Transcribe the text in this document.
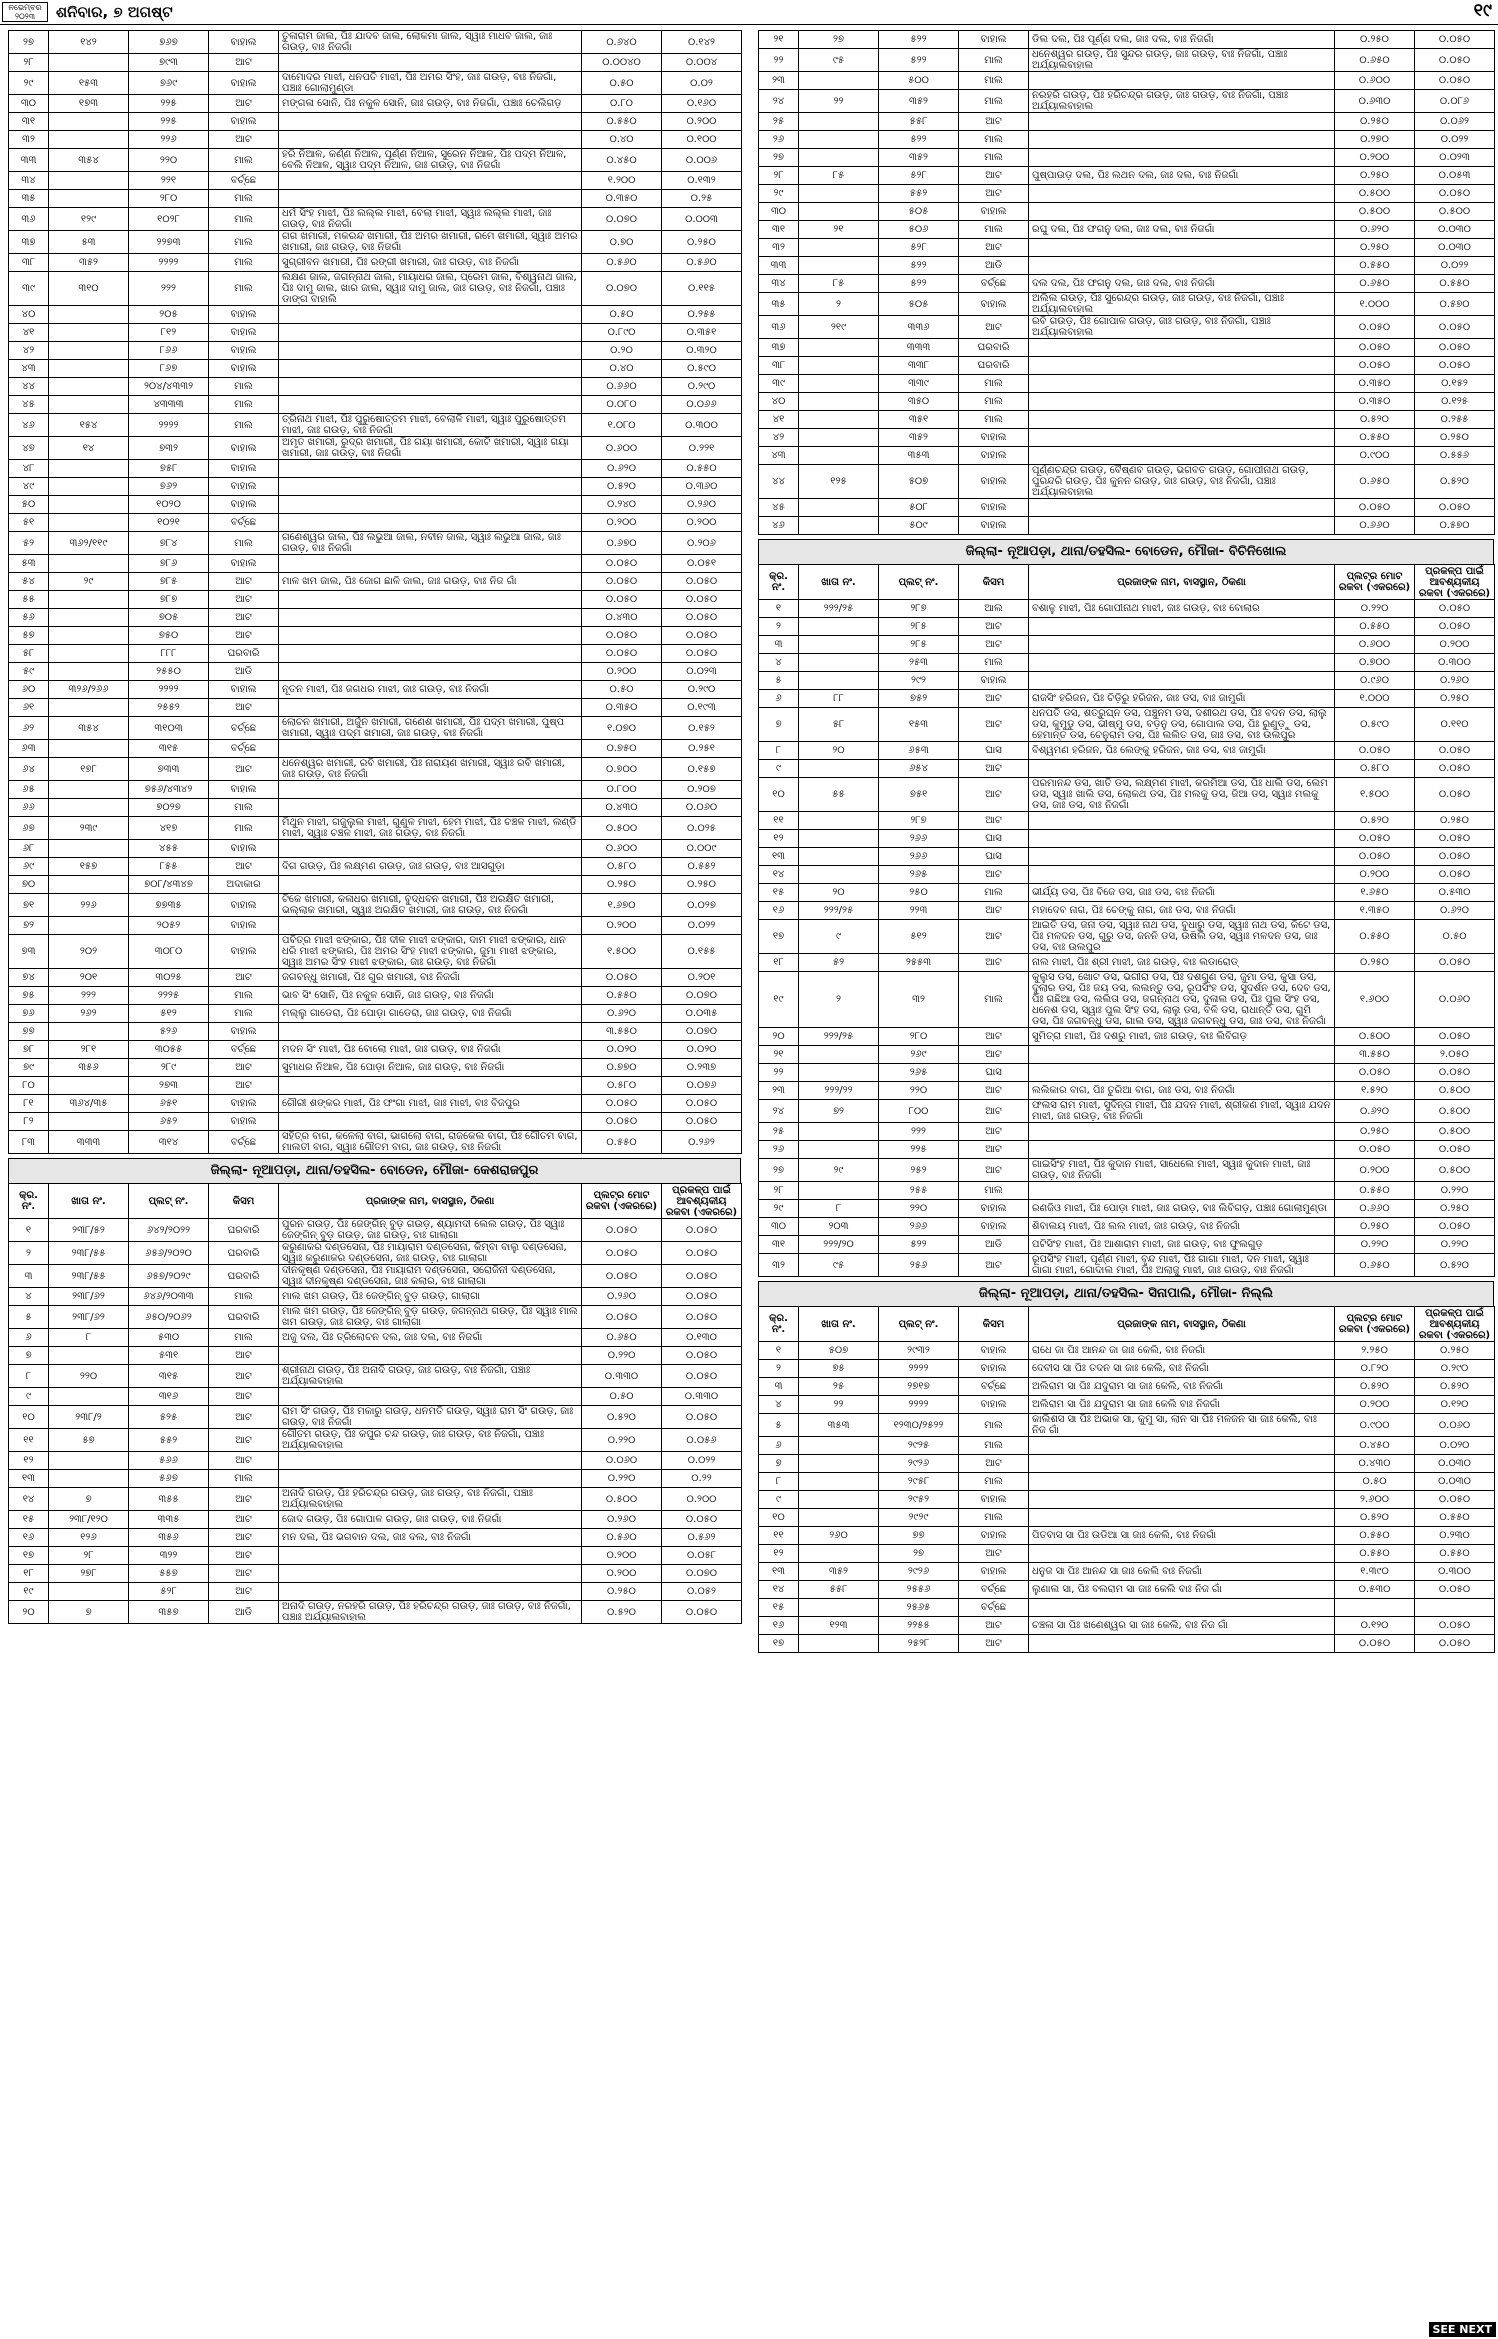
ନଭେମ୍ବର ୨୦୨୩	ଶନିବାର, ୭ ଅଗଷ୍ଟ	୧୯
୨୭	୧୪୨	୭୬୭	ବାହାଲ	ତୁଳାରାମ ଜାଲ, ପିଃ ଯାଦବ ଜାଲ, ଲୋକମା ଜାଲ, ସ୍ୱାଃ ମାଧବ ଜାଲ, ଜାଃ ଗଉଡ଼, ବାଃ ନିଜଗାଁ	୦.୬୪୦	୦.୧୪୨
୨୮		୭୯୩	ଆଟ		୦.୦୦୪୦	୦.୦୦୪
୨୯	୧୫୩	୭୬୯	ବାହାଲ	ଦାମୋଦର ମାଝୀ, ଧନପତି ମାଝୀ, ପିଃ ଅମର ସିଂହ, ଜାଃ ଗଉଡ଼, ବାଃ ନିଜଗାଁ, ପଞ୍ଚାଃ ଗୋଲାମୁଣ୍ଡା	୦.୫୦	୦.୦୨
୩୦	୧୭୩	୨୨୫	ଆଟ	ମଙ୍ଗଳା ସୋନି, ପିଃ ନକୁଳ ସୋନି, ଜାଃ ଗଉଡ଼, ବାଃ ନିଜଗାଁ, ପଞ୍ଚାଃ ଚେଲିଗଡ଼	୦.୮୦	୦.୧୬୦
୩୧		୨୨୫	ବାହାଲ		୦.୫୫୦	୦.୨୦୦
୩୨		୨୨୬	ଆଟ		୦.୪୦	୦.୧୦୦
୩୩	୩୫୪	୨୨୦	ମାଲ	ହରି ନିଆଳ, କର୍ଣ୍ଣ ନିଆଳ, ପୂର୍ଣ୍ଣ ନିଆଳ, ସୁରେନ ନିଆଳ, ପିଃ ପଦ୍ମ ନିଆଳ, ବେଲି ନିଆଳ, ସ୍ୱାଃ ପଦ୍ମ ନିଆଳ, ଜାଃ ଗଉଡ଼, ବାଃ ନିଜଗାଁ	୦.୪୫୦	୦.୦୦୬
୩୪		୨୨୧	ବର୍ଚ୍ଛେ		୧.୨୦୦	୦.୧୩୨
୩୫		୨୮୦	ମାଲ		୦.୩୫୦	୦.୨୫
୩୬	୧୨୯	୧୦୨୮	ମାଲ	ଧର୍ମ ସିଂହ ମାଝୀ, ପିଃ ଲଲ୍ଲ ମାଝୀ, ବେଲା ମାଝୀ, ସ୍ୱାଃ ଲଲ୍ଲ ମାଝୀ, ଜାଃ ଗଉଡ଼, ବାଃ ନିଜଗାଁ	୦.୦୭୦	୦.୦୦୩
୩୭	୫୩	୨୨୭୩	ମାଲ	ଗଗ ଖମାରୀ, ମକରନ୍ଦ ଖମାରୀ, ପିଃ ଅମର ଖମାରୀ, ରମେ ଖମାରୀ, ସ୍ୱାଃ ଅମର ଖମାରୀ, ଜାଃ ଗଉଡ଼, ବାଃ ନିଜଗାଁ	୦.୭୦	୦.୨୫୦
୩୮	୩୫୨	୨୨୨୨	ମାଲ	ସୁଗ୍ରୀବନ ଖମାରୀ, ପିଃ ରଙ୍ଗୀ ଖମାରୀ, ଜାଃ ଗଉଡ଼, ବାଃ ନିଜଗାଁ	୦.୫୬୦	୦.୫୬୦
୩୯	୩୧୦	୨୨୨	ମାଲ	ଲକ୍ଷଣ ଜାଲ, ଜଗନ୍ନାଥ ଜାଲ, ମାୟାଧର ଜାଲ, ପ୍ରେମ ଜାଲ, ବିଶ୍ୱନାଥ ଜାଲ, ପିଃ ଦାମୁ ଜାଲ, ଖାର ଜାଲ, ସ୍ୱାଃ ଦାମୁ ଜାଲ, ଜାଃ ଗଉଡ଼, ବାଃ ନିଜଗାଁ, ପଞ୍ଚାଃ ଡାଙ୍ଗ ବାହାଲି	୦.୦୭୦	୦.୧୧୫
୪୦		୨୦୫	ବାହାଲ		୦.୫୦	୦.୨୫୫
୪୧		୮୧୨	ବାହାଲ		୦.୮୯୦	୦.୩୫୧
୪୨		୮୬୬	ବାହାଲ		୦.୨୦	୦.୩୨୦
୪୩		୮୬୭	ବାହାଲ		୦.୪୦	୦.୫୯୦
୪୪		୨୦୪/୪୩୩୨	ମାଲ		୦.୬୬୦	୦.୨୯୦
୪୫		୪୩୩୩	ମାଲ		୦.୦୮୦	୦.୦୬୬
୪୬	୧୫୪	୨୨୨୨	ମାଲ	ତ୍ରିନାଥ ମାଝୀ, ପିଃ ପୁରୁଷୋତ୍ତମ ମାଝୀ, ବେଲାଳି ମାଝୀ, ସ୍ୱାଃ ପୁରୁଷୋତ୍ତମ ମାଝୀ, ଜାଃ ଗଉଡ଼, ବାଃ ନିଜଗାଁ	୧.୦୮୦	୦.୩୦୦
୪୭	୧୪	୭୩୨	ବାହାଲ	ଅମୃତ ଖମାରୀ, ରୁଦ୍ର ଖମାରୀ, ପିଃ ଗୟା ଖମାରୀ, କୋଟି ଖମାରୀ, ସ୍ୱାଃ ଗୟା ଖମାରୀ, ଜାଃ ଗଉଡ଼, ବାଃ ନିଜଗାଁ	୦.୬୦୦	୦.୨୨୧
୪୮		୭୫୮	ବାହାଲ		୦.୬୨୦	୦.୫୫୦
୪୯		୭୬୨	ବାହାଲ		୦.୫୨୦	୦.୩୬୦
୫୦		୧୦୨୦	ବାହାଲ		୦.୨୪୦	୦.୨୬୦
୫୧		୧୦୨୧	ବର୍ଚ୍ଛେ		୦.୨୦୦	୦.୨୦୦
୫୨	୩୬୨/୧୧୯	୭୮୪	ମାଲ	ଗଣେଶ୍ୱର ଜାଲ, ପିଃ ଲଭୁଆ ଜାଲ, ନବୀନ ଜାଲ, ସ୍ୱାଃ ଲଭୁଆ ଜାଲ, ଜାଃ ଗଉଡ଼, ବାଃ ନିଜଗାଁ	୦.୬୭୦	୦.୨୦୬
୫୩		୭୮୬	ବାହାଲ		୦.୦୫୦	୦.୦୫୧
୫୪	୨୯	୭୮୫	ଆଟ	ମାଳ ଖମ ଜାଲ, ପିଃ ଜୋଗ ଛାଳି ଜାଲ, ଜାଃ ଗଉଡ଼, ବାଃ ନିଜ ଗାଁ	୦.୦୫୦	୦.୦୫୦
୫୫		୭୮୭	ଆଟ		୦.୦୫୦	୦.୦୫୦
୫୬		୭୦୫	ଆଟ		୦.୪୩୦	୦.୦୫୦
୫୭		୭୫୦	ଆଟ		୦.୦୫୦	୦.୦୫୦
୫୮		୮୮୮	ଘରବାରି		୦.୦୫୦	୦.୦୫୦
୫୯		୨୫୫୦	ଆଡି		୦.୨୦୦	୦.୦୨୩
୬୦	୩୨୬/୨୬୬	୨୨୨୨	ବାହାଲ	ନୂତନ ମାଝୀ, ପିଃ ଜଗଧର ମାଝୀ, ଜାଃ ଗଉଡ଼, ବାଃ ନିଜଗାଁ	୦.୫୦	୦.୨୯୦
୬୧		୨୫୫୨	ଆଟ		୦.୩୫୦	୦.୧୯୩
୬୨	୩୫୪	୩୧୦୩	ବର୍ଚ୍ଛେ	ଲୋଚନ ଖମାରୀ, ଅର୍ଜୁନ ଖମାରୀ, ଗଣେଶ ଖମାରୀ, ପିଃ ପଦ୍ମ ଖମାରୀ, ପୁଷ୍ପ ଖମାରୀ, ସ୍ୱାଃ ପଦ୍ମ ଖମାରୀ, ଜାଃ ଗଉଡ଼, ବାଃ ନିଜଗାଁ	୧.୦୭୦	୦.୧୫୨
୬୩		୩୧୫	ବର୍ଚ୍ଛେ		୦.୭୫୦	୦.୨୫୧
୬୪	୧୭୮	୭୩୩	ଆଟ	ଧନେଶ୍ୱର ଖମାରୀ, ରବି ଖମାରୀ, ପିଃ ନାରାୟଣ ଖମାରୀ, ସ୍ୱାଃ ରବି ଖମାରୀ, ଜାଃ ଗଉଡ଼, ବାଃ ନିଜଗାଁ	୦.୭୦୦	୦.୧୫୭
୬୫		୭୫୬/୪୩୪୨	ବାହାଲ		୦.୮୦୦	୦.୨୦୭
୬୬		୭୦୨୭	ମାଲ		୦.୪୩୦	୦.୦୬୦
୬୭	୨୩୯	୪୧୭	ମାଲ	ମିଥୁନ ମାଝୀ, ଗଜୁଲୁଲ ମାଝୀ, ଗୁଣୁଳ ମାଝୀ, ହେମ ମାଝୀ, ପିଃ ଚଞ୍ଚଳ ମାଝୀ, ଲଣ୍ଡି ମାଝୀ, ସ୍ୱାଃ ଚଞ୍ଚଳ ମାଝୀ, ଜାଃ ଗଉଡ଼, ବାଃ ନିଜଗାଁ	୦.୫୦୦	୦.୦୨୫
୬୮		୪୫୫	ବାହାଲ		୦.୬୦୦	୦.୦୦୯
୬୯	୧୫୭	୮୫୫	ଆଟ	ଦିଗ ଗଉଡ଼, ପିଃ ଲକ୍ଷ୍ମଣ ଗଉଡ଼, ଜାଃ ଗଉଡ଼, ବାଃ ଆସଗୁଡ଼ା	୦.୫୮୦	୦.୫୫୨
୭୦		୭୦୮/୪୩୪୭	ଅଦାକାର		୦.୨୫୦	୦.୨୫୦
୭୧	୨୨୬	୭୭୩୫	ବାହାଲ	ଟିକେ ଖମାରୀ, କଳାଧର ଖମାରୀ, ବୁଦ୍ଧବନ ଖମାରୀ, ପିଃ ଅରକ୍ଷିତ ଖମାରୀ, ଭଲ୍ଲାକ ଖମାରୀ, ସ୍ୱାଃ ଅରକ୍ଷିତ ଖମାରୀ, ଜାଃ ଗଉଡ଼, ବାଃ ନିଜଗାଁ	୧.୬୭୦	୦.୦୨୭
୭୨		୨୦୫୨	ବାହାଲ		୦.୨୦୦	୦.୦୨୨
୭୩	୨୦୨	୩୦୮୦	ବାହାଲ	ପବିତ୍ର ମାଝୀ ଝଙ୍କାର, ପିଃ ଦୀଳ ମାଝୀ ଝଙ୍କାର, ଦାମ ମାଝୀ ଝଙ୍କାର, ଧାନ ଧରି ମାଝୀ ଝଙ୍କାର, ପିଃ ଅମର ସିଂହ ମାଝୀ ଝଙ୍କାର, ଜୁମା ମାଝୀ ଝଙ୍କାର, ସ୍ୱାଃ ଅମର ସିଂହ ମାଝୀ ଝଙ୍କାର, ଜାଃ ଗଉଡ଼, ବାଃ ନିଜଗାଁ	୧.୫୦୦	୦.୧୫୫
୭୪	୨୦୧	୩୦୨୫	ଆଟ	ଜଗବନ୍ଧୁ ଖମାରୀ, ପିଃ ଗୁର ଖମାରୀ, ବାଃ ନିଜଗାଁ	୦.୦୫୦	୦.୨୦୧
୭୫	୨୨୨	୨୨୨୫	ମାଲ	ଭାବ ସିଂ ସୋନି, ପିଃ ନକୁଳ ସୋନି, ଜାଃ ଗଉଡ଼, ବାଃ ନିଜଗାଁ	୦.୫୫୦	୦.୦୭୦
୭୬	୨୬୨	୫୧୨	ମାଲ	ମଲ୍ଲୁ ଗାଡେରା, ପିଃ ପୋଡ଼ା ଗାଡେରା, ଜାଃ ଗଉଡ଼, ବାଃ ନିଜଗାଁ	୦.୬୨୦	୦.୦୩୫
୭୭		୫୨୬	ବାହାଲ		୩.୫୫୦	୦.୦୭୦
୭୮	୨୮୧	୩୦୫୫	ବର୍ଚ୍ଛେ	ମଦନ ସିଂ ମାଝୀ, ପିଃ ବୋଲୋ ମାଝୀ, ଜାଃ ଗଉଡ଼, ବାଃ ନିଜଗାଁ	୦.୦୨୦	୦.୦୨୦
୭୯	୩୫୬	୨୮୯	ଆଟ	ସୁମାଧର ନିଆଳ, ପିଃ ପୋଡ଼ା ନିଆଳ, ଜାଃ ଗଉଡ଼, ବାଃ ନିଜଗାଁ	୦.୭୭୦	୦.୨୩୭
୮୦		୨୭୩	ଆଟ		୦.୫୮୦	୦.୦୭୬
୮୧	୩୬୪/୩୫	୬୫୧	ବାହାଲ	ଗୌରୀ ଶଙ୍କର ମାଝୀ, ପିଃ ଫଂଗା ମାଝୀ, ଜାଃ ମାଝୀ, ବାଃ ବିଜପୁର	୦.୦୫୦	୦.୦୫୦
୮୨		୬୫୨	ବାହାଲ		୦.୦୫୦	୦.୦୫୦
୮୩	୩୩୩	୩୧୪	ବର୍ଚ୍ଛେ	ସହିତ୍ର ବାଗ, କଳେଲା ବାଗ, ଭାଗଲୋ ବାଗ, ରାଜକେଲ ବାଗ, ପିଃ ଗୌତମ ବାଗ, ମାଲତୀ ବାଗ, ସ୍ୱାଃ ଗୌତମ ବାଗ, ଜାଃ ଗଉଡ଼, ବାଃ ନିଜଗାଁ	୦.୫୫୦	୦.୨୬୨
ଜିଲ୍ଲା- ନୂଆପଡ଼ା, ଥାନା/ତହସିଲ- ବୋଡେନ, ମୌଜା- କେଶରାଜପୁର
କ୍ର. ନଂ.	ଖାତା ନଂ.	ପ୍ଲଟ୍ ନଂ.	କିସମ	ପ୍ରଜାଙ୍କ ନାମ, ବାସସ୍ଥାନ, ଠିକଣା	ପ୍ଲଟ୍‌ର ମୋଟ ରକବା (ଏକରରେ)	ପ୍ରକଳ୍ପ ପାଇଁ ଆବଶ୍ୟକୀୟ ରକବା (ଏକରରେ)
୧	୨୩୮/୫୨	୬୪୨/୨୦୨୨	ଘରବାରି	ପୁରନ ଗଉଡ଼, ପିଃ ଜେଙ୍ଗିନ୍ ବୁଡ଼ ଗଉଡ଼, ଶ୍ୟାମଦୀ ଲେଲ ଗଉଡ଼, ପିଃ ସ୍ୱାଃ ଜେଙ୍ଗିନ୍ ବୁଡ଼ ଗଉଡ଼, ଜାଃ ଗଉଡ଼, ବାଃ ଗାଲାଗା	୦.୦୫୦	୦.୦୫୦
୨	୨୩୮/୫୫	୬୫୬/୨୦୨୦	ଘରବାରି	କରୁଣାକର ଦଣ୍ଡସେନା, ପିଃ ମାୟାରାମ ଦଣ୍ଡସେନା, କିମ୍ବା ବାଲୁ ଦଣ୍ଡସେନା, ସ୍ୱାଃ କରୁଣାକର ଦଣ୍ଡସେନା, ଜାଃ ଗଉଡ଼, ବାଃ ଗାଲାଗା	୦.୦୫୦	୦.୦୫୦
୩	୨୩୮/୫୫	୬୫୭/୨୦୨୯	ଘରବାରି	ଦୀନକୃଷ୍ଣ ଦଣ୍ଡସେନା, ପିଃ ମାୟାରାମ ଦଣ୍ଡସେନା, ସରୋଜିନୀ ଦଣ୍ଡସେନା, ସ୍ୱାଃ ଦୀନକୃଷ୍ଣ ଦଣ୍ଡସେନା, ଜାଃ କଲାର, ବାଃ ଗାଲାଗା	୦.୦୫୦	୦.୦୫୦
୪	୨୩୮/୬୨	୬୪୬/୨୦୩୩	ମାଲ	ମାଲ ଖମ ଗଉଡ଼, ପିଃ ଜେଙ୍ଗିନ୍ ବୁଡ଼ ଗଉଡ଼, ଗାଲାଗା	୦.୨୬୦	୦.୦୫୦
୫	୨୩୮/୬୨	୬୫୦/୨୦୬୨	ଘରବାରି	ମାଲ ଖମ ଗଉଡ଼, ପିଃ ଜେଙ୍ଗିନ୍ ବୁଡ଼ ଗଉଡ଼, ଜଗନ୍ନାଥ ଗଉଡ଼, ପିଃ ସ୍ୱାଃ ମାଲ ଖମ ଗଉଡ଼, ଜାଃ ଗଉଡ଼, ବାଃ ଗାଲାଗା	୦.୦୫୦	୦.୦୫୦
୬	୮	୫୩୦	ମାଲ	ଅଜୁ ଦଲ, ପିଃ ତ୍ରିଲୋଚନ ଦଲ, ଜାଃ ଦଲ, ବାଃ ନିଜଗାଁ	୦.୬୫୦	୦.୧୩୦
୭		୫୩୧	ଆଟ		୦.୨୨୦	୦.୦୫୦
୮	୨୨୦	୩୧୫	ଆଟ	ଶ୍ରୀନାଥ ଗଉଡ଼, ପିଃ ଅନାଦି ଗଉଡ଼, ଜାଃ ଗଉଡ଼, ବାଃ ନିଜଗାଁ, ପଞ୍ଚାଃ ଅର୍ଯ୍ୟାଲବାହାଲ	୦.୩୩୦	୦.୦୫୦
୯		୩୧୬	ଆଟ		୦.୫୦	୦.୩୩୦
୧୦	୨୩୮/୨	୫୨୫	ଆଟ	ରାମ ସିଂ ଗଉଡ଼, ପିଃ ମକାରୁ ଗଉଡ଼, ଧନମତି ଗଉଡ଼, ସ୍ୱାଃ ରାମ ସିଂ ଗଉଡ଼, ଜାଃ ଗଉଡ଼, ବାଃ ନିଜଗାଁ	୦.୫୨୦	୦.୦୫୦
୧୧	୫୭	୫୫୨	ଆଟ	ଗୌତମ ଗଉଡ଼, ପିଃ କପୁର ଚନ୍ଦ ଗଉଡ଼, ଜାଃ ଗଉଡ଼, ବାଃ ନିଜଗାଁ, ପଞ୍ଚାଃ ଅର୍ଯ୍ୟାଲବାହାଲ	୦.୨୨୦	୦.୦୫୬
୧୨		୫୬୬	ଆଟ		୦.୦୬୦	୦.୦୨୨
୧୩		୫୬୭	ମାଲ		୦.୨୨୦	୦.୨୨
୧୪	୭	୩୫୫	ଆଟ	ଅନାଦି ଗଉଡ଼, ପିଃ ହରିଚନ୍ଦ୍ର ଗଉଡ଼, ଜାଃ ଗଉଡ଼, ବାଃ ନିଜଗାଁ, ପଞ୍ଚାଃ ଅର୍ଯ୍ୟାଲବାହାଲ	୦.୫୦୦	୦.୨୦୦
୧୫	୨୩୮/୧୨୦	୩୩୫	ଆଟ	ଜୋଦ ଗଉଡ଼, ପିଃ ଗୋପାଳ ଗଉଡ଼, ଜାଃ ଗଉଡ଼, ବାଃ ନିଜଗାଁ	୦.୨୬୦	୦.୦୫୦
୧୬	୧୨୬	୩୫୬	ଆଟ	ମନ ଦଲ, ପିଃ ଭଗବାନ ଦଲ, ଜାଃ ଦଲ, ବାଃ ନିଜଗାଁ	୦.୫୬୦	୦.୫୬୨
୧୭	୨୮	୩୨୨	ଆଟ		୦.୨୦୦	୦.୦୫୮
୧୮	୨୭୮	୫୫୭	ଆଟ		୦.୨୦୦	୦.୦୭୦
୧୯		୫୨୮	ଆଟ		୦.୨୫୦	୦.୦୫୨
୨୦	୭	୩୫୭	ଆଡି	ଅନାଦି ଗଉଡ଼, ନରହରି ଗଉଡ଼, ପିଃ ହରିଚନ୍ଦ୍ର ଗଉଡ଼, ଜାଃ ଗଉଡ଼, ବାଃ ନିଜଗାଁ, ପଞ୍ଚାଃ ଅର୍ଯ୍ୟାଲବାହାଲ	୦.୫୨୦	୦.୦୫୦
୨୧	୨୭	୫୨୨	ବାହାଲ	ଡିଲ ଦଲ, ପିଃ ପୂର୍ଣ୍ଣ ଦଲ, ଜାଃ ଦଲ, ବାଃ ନିଜଗାଁ	୦.୨୫୦	୦.୦୫୦
୨୨	୯୫	୫୨୨	ମାଲ	ଧନେଶ୍ୱର ଗଉଡ଼, ପିଃ ସୁନ୍ଦର ଗଉଡ଼, ଜାଃ ଗଉଡ଼, ବାଃ ନିଜଗାଁ, ପଞ୍ଚାଃ ଅର୍ଯ୍ୟାଲବାହାଲ	୦.୬୫୦	୦.୦୫୦
୨୩		୫୦୦	ମାଲ		୦.୬୦୦	୦.୦୫୦
୨୪	୨୨	୩୫୨	ମାଲ	ନରହରି ଗଉଡ଼, ପିଃ ହରିଚନ୍ଦ୍ର ଗଉଡ଼, ଜାଃ ଗଉଡ଼, ବାଃ ନିଜଗାଁ, ପଞ୍ଚାଃ ଅର୍ଯ୍ୟାଲବାହାଲ	୦.୬୩୦	୦.୦୮୬
୨୫		୫୫୮	ଆଟ		୦.୨୫୦	୦.୦୬୨
୨୬		୫୨୨	ମାଲ		୦.୨୭୦	୦.୦୨୨
୨୭		୩୫୨	ମାଲ		୦.୨୦୦	୦.୦୨୩
୨୮	୮୫	୫୨୮	ଆଟ	ପୁଷ୍ପାଉଡ଼ ଦଲ, ପିଃ ଲଥନ ଦଲ, ଜାଃ ଦଲ, ବାଃ ନିଜଗାଁ	୦.୨୫୦	୦.୦୫୩
୨୯		୫୫୨	ଆଟ		୦.୫୦୦	୦.୦୫୦
୩୦		୫୦୫	ବାହାଲ		୦.୫୦୦	୦.୫୦୦
୩୧	୨୧	୫୦୬	ମାଲ	ରଘୁ ଦଲ, ପିଃ ଫଗନୁ ଦଲ, ଜାଃ ଦଲ, ବାଃ ନିଜଗାଁ	୦.୬୨୦	୦.୦୩୦
୩୨		୫୨୮	ଆଟ		୦.୨୫୦	୦.୦୩୦
୩୩		୫୨୨	ଆଡି		୦.୫୫୦	୦.୦୨୨
୩୪	୮୫	୫୨୨	ବର୍ଚ୍ଛେ	ଦଲ ଦଲ, ପିଃ ଫଗନୁ ଦଲ, ଜାଃ ଦଲ, ବାଃ ନିଜଗାଁ	୦.୬୫୦	୦.୫୫୦
୩୫	୨	୫୦୫	ବାହାଲ	ଅଲିଲ ଗଉଡ଼, ପିଃ ସୁରେନ୍ଦ୍ର ଗଉଡ଼, ଜାଃ ଗଉଡ଼, ବାଃ ନିଜଗାଁ, ପଞ୍ଚାଃ ଅର୍ଯ୍ୟାଲବାହାଲ	୧.୦୦୦	୦.୫୭୦
୩୬	୨୧୯	୩୩୬	ଆଟ	ରବି ଗଉଡ଼, ପିଃ ଗୋପାଳ ଗଉଡ଼, ଜାଃ ଗଉଡ଼, ବାଃ ନିଜଗାଁ, ପଞ୍ଚାଃ ଅର୍ଯ୍ୟାଲବାହାଲ	୦.୦୫୦	୦.୦୫୦
୩୭		୩୩୩	ଘରବାରି		୦.୦୫୦	୦.୦୫୦
୩୮		୩୩୮	ଘରବାରି		୦.୦୫୦	୦.୦୫୦
୩୯		୩୩୯	ମାଲ		୦.୩୫୦	୦.୧୫୨
୪୦		୩୫୦	ମାଲ		୦.୩୫୦	୦.୧୨୫
୪୧		୩୫୧	ମାଲ		୦.୫୨୦	୦.୨୫୫
୪୨		୩୫୨	ବାହାଲ		୦.୫୫୦	୦.୨୫୦
୪୩		୩୫୩	ବାହାଲ		୦.୯୦୦	୦.୫୫୬
୪୪	୧୨୫	୫୦୭	ବାହାଲ	ପୂର୍ଣ୍ଣଚନ୍ଦ୍ର ଗଉଡ଼, ବୈଷ୍ଣବ ଗଉଡ଼, ଭଗବତ ଗଉଡ଼, ଗୋପୀନାଥ ଗଉଡ଼, ପୁରନ୍ଦରି ଗଉଡ଼, ପିଃ କୁନନ ଗଉଡ଼, ଜାଃ ଗଉଡ଼, ବାଃ ନିଜଗାଁ, ପଞ୍ଚାଃ ଅର୍ଯ୍ୟାଲବାହାଲ	୦.୬୫୦	୦.୫୨୦
୪୫		୫୦୮	ବାହାଲ		୦.୦୫୦	୦.୦୫୦
୪୬		୫୦୯	ବାହାଲ		୦.୬୬୦	୦.୫୭୦
ଜିଲ୍ଲା- ନୂଆପଡ଼ା, ଥାନା/ତହସିଲ- ବୋଡେନ, ମୌଜା- ବିଚିନିଖୋଲ
କ୍ର. ନଂ.	ଖାତା ନଂ.	ପ୍ଲଟ୍ ନଂ.	କିସମ	ପ୍ରଜାଙ୍କ ନାମ, ବାସସ୍ଥାନ, ଠିକଣା	ପ୍ଲଟ୍‌ର ମୋଟ ରକବା (ଏକରରେ)	ପ୍ରକଳ୍ପ ପାଇଁ ଆବଶ୍ୟକୀୟ ରକବା (ଏକରରେ)
୧	୨୨୨/୨୫	୨୮୭	ଆଲ	ବଶାଳୁ ମାଝୀ, ପିଃ ଗୋପୀନାଥ ମାଝୀ, ଜାଃ ଗଉଡ଼, ବାଃ ବୋଲାର	୦.୨୨୦	୦.୦୫୦
୨		୨୮୫	ଆଟ		୦.୫୫୦	୦.୦୫୦
୩		୨୮୫	ଆଟ		୦.୬୦୦	୦.୨୦୦
୪		୨୫୩	ମାଲ		୦.୭୦୦	୦.୩୦୦
୫		୨୯୨	ବାହାଲ		୦.୯୬୦	୦.୨୬୦
୬	୮୮	୭୫୨	ଆଟ	ରାଜସିଂ ହରିଜନ, ପିଃ ଚିଡ଼ିରୁ ହରିଜନ, ଜାଃ ଡସ, ବାଃ ଜାମୁଗାଁ	୧.୦୦୦	୦.୨୫୦
୭	୫୮	୧୫୩	ଆଟ	ଧନପତି ଡସ, ଶତ୍ରୁଘ୍ନ ଡସ, ପଞ୍ଚୁନମ ଡସ, ଦଶୀରଥ ଡସ, ପିଃ ବଦନ ଡସ, ଲାଲୁ ଡସ, କୁମୁଡୁ ଡସ, ଭୀଷ୍ମୁ ଡସ, ବଡ଼ନୁ ଡସ, ଗୋପାଲ ଡସ, ପିଃ ରୁଣୁଡ଼ୁ ଡସ, ହେମାନ୍ତ ଡସ, ଚେନୁରାମ ଡସ, ପିଃ ଲଲିତ ଡସ, ଜାଃ ଡସ, ବାଃ ଉଲପୁର	୦.୫୯୦	୦.୧୧୦
୮	୨୦	୬୫୩	ଘାସ	ବିଶ୍ୱମଣ ହରିଜନ, ପିଃ ଲେଙ୍କୁ ହରିଜନ, ଜାଃ ଡସ, ବାଃ ଜାମୁଗାଁ	୦.୦୫୦	୦.୦୫୦
୯		୬୫୪	ଆଟ		୦.୫୮୦	୦.୦୫୦
୧୦	୫୫	୭୫୧	ଆଟ	ପରମାନନ୍ଦ ଡସ, ଖାତି ଡସ, ଲକ୍ଷ୍ମଣ ମାଝୀ, କରମିଆ ଡସ, ପିଃ ଧାଲି ଡସ, ଲେମ ଡସ, ସ୍ୱାଃ ଖାଲି ଡସ, ଲୋକଥ ଡସ, ପିଃ ମଲକୁ ଡସ, ଜିଆ ଡସ, ସ୍ୱାଃ ମଲକୁ ଡସ, ଜାଃ ଡସ, ବାଃ ନିଜଗାଁ	୧.୫୦୦	୦.୦୫୦
୧୧		୨୮୭	ଆଟ		୦.୫୨୦	୦.୨୫୦
୧୨		୨୬୬	ଘାସ		୦.୦୫୦	୦.୦୫୦
୧୩		୨୬୬	ଘାସ		୦.୦୫୦	୦.୦୫୦
୧୪		୨୬୫	ଆଟ		୦.୨୦୦	୦.୦୫୦
୧୫	୨୦	୨୫୦	ମାଲ	ଭୀର୍ଯ୍ୟ ଡସ, ପିଃ ବିଜେ ଡସ, ଜାଃ ଡସ, ବାଃ ନିଜଗାଁ	୧.୬୫୦	୦.୫୩୦
୧୬	୨୨୨/୨୫	୨୨୩	ଆଟ	ମହାଦେବ ନାଗ, ପିଃ ଚେଙ୍କୁ ନାଗ, ଜାଃ ଡସ, ବାଃ ନିଜଗାଁ	୧.୩୫୦	୦.୬୨୦
୧୭	୯	୫୧୨	ଆଟ	ଆଇତି ଡସ, ଜନା ଡସ, ସ୍ୱାଃ ନାଥ ଡସ, ବୁଧାରୁ ଡସ, ସ୍ୱାଃ ନାଥ ଡସ, କିଟେ ଡସ, ପିଃ ମଳଦନ ଡସ, ଗୁରୁ ଡସ, ଜନନି ଡସ, ଉଷିଲି ଡସ, ସ୍ୱାଃ ମଳଦନ ଡସ, ଜାଃ ଡସ, ବାଃ ଉଲପୁର	୦.୫୫୦	୦.୫୦
୧୮	୫୨	୨୫୫୩	ଆଟ	ନାଲ ମାଝୀ, ପିଃ ଶ୍ରୀ ମାଝୀ, ଜାଃ ଗଉଡ଼, ବାଃ ଲଡାରୋଡ୍	୦.୨୫୦	୦.୦୫୦
୧୯	୨	୩୨	ମାଲ	କୁଲୁସ ଡସ, ଖୋଟ ଡସ, ଭଗୀରା ଡସ, ପିଃ ଦଶଗୁଣ ଡସ, ଜୁମା ଡସ, କୁସା ଡସ, ଦୁଲାର ଡସ, ପିଃ ଜୟ ଡସ, ଲଲନ୍ତୁ ଡସ, ରୂପସିଂହ ଡସ, ସୁଦର୍ଶନ ଡସ, ଦେବ ଡସ, ପିଃ ଗଛିଆ ଡସ, ଲଲିତା ଡସ, ଜଗନ୍ନାଥ ଡସ, ଦୁଳାଲ ଡସ, ପିଃ ପୁଲ ସିଂହ ଡସ, ଧନେଶ ଡସ, ସ୍ୱାଃ ପୁଲ ସିଂହ ଡସ, ଲାଲୁ ଡସ, ବଳି ଡସ, ରାଧାନ୍ତି ଡସ, ଗୁମି ଡସ, ପିଃ ଜଗବନ୍ଧୁ ଡସ, ଗାଲ ଡସ, ସ୍ୱାଃ ଜଗବନ୍ଧୁ ଡସ, ଜାଃ ଡସ, ବାଃ ନିଜଗାଁ	୧.୬୦୦	୦.୦୬୦
୨୦	୨୨୨/୨୫	୨୮୦	ଆଟ	ସୁମିତ୍ରା ମାଝୀ, ପିଃ ଦଶରୁ ମାଝୀ, ଜାଃ ଗଉଡ଼, ବାଃ ଲିବିଗଡ଼	୦.୫୦୦	୦.୦୫୦
୨୧		୨୬୯	ଆଟ		୩.୫୫୦	୨.୦୫୦
୨୨		୨୬୫	ଘାସ		୦.୦୫୦	୦.୦୫୦
୨୩	୨୨୨/୨୨	୨୨୦	ଆଟ	ଲଲିକାର ବାଗ, ପିଃ ତୁରିଆ ବାଗ, ଜାଃ ଡସ, ବାଃ ନିଜଗାଁ	୧.୫୨୦	୦.୫୦୦
୨୪	୭୨	୮୦୦	ଆଟ	ଫଲସ ରାମ ମାଝୀ, ସୁଦିନ୍ତା ମାଝୀ, ପିଃ ଯଦନ ମାଝୀ, ଶ୍ରୀକଣ ମାଝୀ, ସ୍ୱାଃ ଯଦନ ମାଝୀ, ଜାଃ ଗଉଡ଼, ବାଃ ନିଜଗାଁ	୦.୬୨୦	୦.୫୦୦
୨୫		୨୨୨	ଆଟ		୦.୨୫୦	୦.୫୦୦
୨୬		୨୨୫	ଆଟ		୦.୦୫୦	୦.୦୫୦
୨୭	୨୯	୨୫୨	ଆଟ	ଗାଇସିଂହ ମାଝୀ, ପିଃ କୁଦାନ ମାଝୀ, ସାଧେଲେ ମାଝୀ, ସ୍ୱାଃ କୁଦାନ ମାଝୀ, ଜାଃ ଗଉଡ଼, ବାଃ ନିଜଗାଁ	୦.୨୦୦	୦.୫୦୦
୨୮		୨୫୫	ମାଲ		୦.୫୫୦	୦.୨୨୦
୨୯	୮	୨୨୦	ବାହାଲ	ରଣଜିଓ ମାଝୀ, ପିଃ ପୋଡ଼ା ମାଝୀ, ଜାଃ ଗଉଡ଼, ବାଃ ଲିବିଗଡ଼, ପଞ୍ଚାଃ ଗୋଲାମୁଣ୍ଡା	୦.୬୬୦	୦.୨୫୦
୩୦	୨୦୩	୨୬୬	ବାହାଲ	ଶିବାଲୟ ମାଝୀ, ପିଃ ଲଲ ମାଝୀ, ଜାଃ ଗଉଡ଼, ବାଃ ନିଜଗାଁ	୦.୨୫୦	୦.୦୫୦
୩୧	୨୨୨/୨୦	୫୨୨	ଆଡି	ପଟିସିଂହ ମାଝୀ, ପିଃ ଆଶାରାମ ମାଝୀ, ଜାଃ ଗଉଡ଼, ବାଃ ଫୁଲଗୁଡ଼	୦.୨୨୦	୦.୨୨୦
୩୨	୯୫	୨୫୬	ଆଟ	ରୂପସିଂହ ମାଝୀ, ପୂର୍ଣ୍ଣ ମାଝୀ, ବୃନ୍ଦ ମାଝୀ, ପିଃ ଗାଗା ମାଝୀ, ଦନ ମାଝୀ, ସ୍ୱାଃ ଗାଗା ମାଝୀ, ଗୋଦାଲ ମାଝୀ, ପିଃ ଅଲାଜୁ ମାଝୀ, ଜାଃ ଗଉଡ଼, ବାଃ ନିଜଗାଁ	୦.୬୫୦	୦.୫୨୦
ଜିଲ୍ଲା- ନୂଆପଡ଼ା, ଥାନା/ତହସିଲ- ସିନାପାଲି, ମୌଜା- ନିଲ୍ଲି
କ୍ର. ନଂ.	ଖାତା ନଂ.	ପ୍ଲଟ୍ ନଂ.	କିସମ	ପ୍ରଜାଙ୍କ ନାମ, ବାସସ୍ଥାନ, ଠିକଣା	ପ୍ଲଟ୍‌ର ମୋଟ ରକବା (ଏକରରେ)	ପ୍ରକଳ୍ପ ପାଇଁ ଆବଶ୍ୟକୀୟ ରକବା (ଏକରରେ)
୧	୫୦୭	୨୯୩୨	ବାହାଲ	ରାଧେ ଜା ପିଃ ଆନନ୍ଦ ଜା ଜାଃ କେଲି, ବାଃ ନିଜଗାଁ	୨.୨୫୦	୦.୨୫୦
୨	୭୫	୨୨୨୨	ବାହାଲ	ଦେବୀସ ସା ପିଃ ତଦନ ସା ଜାଃ କେଲି, ବାଃ ନିଜଗାଁ	୦.୮୨୦	୦.୨୯୦
୩	୨୫	୨୭୧୭	ବର୍ଚ୍ଛେ	ଅଲିରାମ ସା ପିଃ ଯଦୁରାମ ସା ଜାଃ କେଲି, ବାଃ ନିଜଗାଁ	୦.୫୨୦	୦.୫୨୦
୪	୨୨	୨୨୨୨	ବାହାଲ	ଅଲିରାମ ସା ପିଃ ଯଦୁରାମ ସା ଜାଃ କେଲି ବାଃ ନିଜଗାଁ	୦.୨୦୦	୦.୧୨୦
୫	୩୫୩	୧୨୩୦/୨୫୨୨	ମାଲ	କାଲିଶସ ସା ପିଃ ଅଭାକ ସା, କୁମୁ ସା, ଲାନ ସା ପିଃ ମଳଜନ ସା ଜାଃ କେଲି, ବାଃ ନିଜ ଗାଁ	୦.୯୦୦	୦.୦୬୦
୬		୨୯୨୫	ମାଲ		୦.୪୫୦	୦.୦୨୦
୭		୨୯୨୬	ଆଟ		୦.୪୩୦	୦.୦୩୦
୮		୨୯୫୮	ମାଲ		୦.୫୦	୦.୦୩୦
୯		୨୯୫୨	ବାହାଲ		୨.୬୦୦	୦.୦୫୦
୧୦		୨୯୨୯	ମାଲ		୦.୫୨୦	୦.୫୫୦
୧୧	୨୬୦	୭୭	ବାହାଲ	ପିତବାସ ସା ପିଃ ଉଡିଆ ସା ଜାଃ କେଲି, ବାଃ ନିଜଗାଁ	୦.୫୫୦	୦.୨୩୦
୧୨		୨୭	ଆଟ		୦.୫୫୦	୦.୫୫୦
୧୩	୩୫୨	୨୯୨୬	ବାହାଲ	ଧନୁଜ ସା ପିଃ ଆନନ୍ଦ ସା ଜାଃ କେଲି ବାଃ ନିଜଗାଁ	୧.୩୯୦	୦.୩୦୦
୧୪	୫୫୮	୨୫୫୬	ବର୍ଚ୍ଛେ	ଲୁଣାଲ ସା, ପିଃ ବଲରାମ ସା ଜାଃ କେଲି ବାଃ ନିଜ ଗାଁ	୦.୫୩୦	୦.୦୫୦
୧୫		୨୫୬୫	ବର୍ଚ୍ଛେ			
୧୬	୧୨୩	୨୨୫୫	ଆଟ	ଚଞ୍ଚଳା ସା ପିଃ ଖଣେଶ୍ୱର ସା ଜାଃ କେଲି, ବାଃ ନିଜ ଗାଁ	୦.୧୨୦	୦.୦୫୦
୧୭		୨୫୨୮	ଆଟ		୦.୦୫୦	୦.୦୫୦
SEE NEXT
